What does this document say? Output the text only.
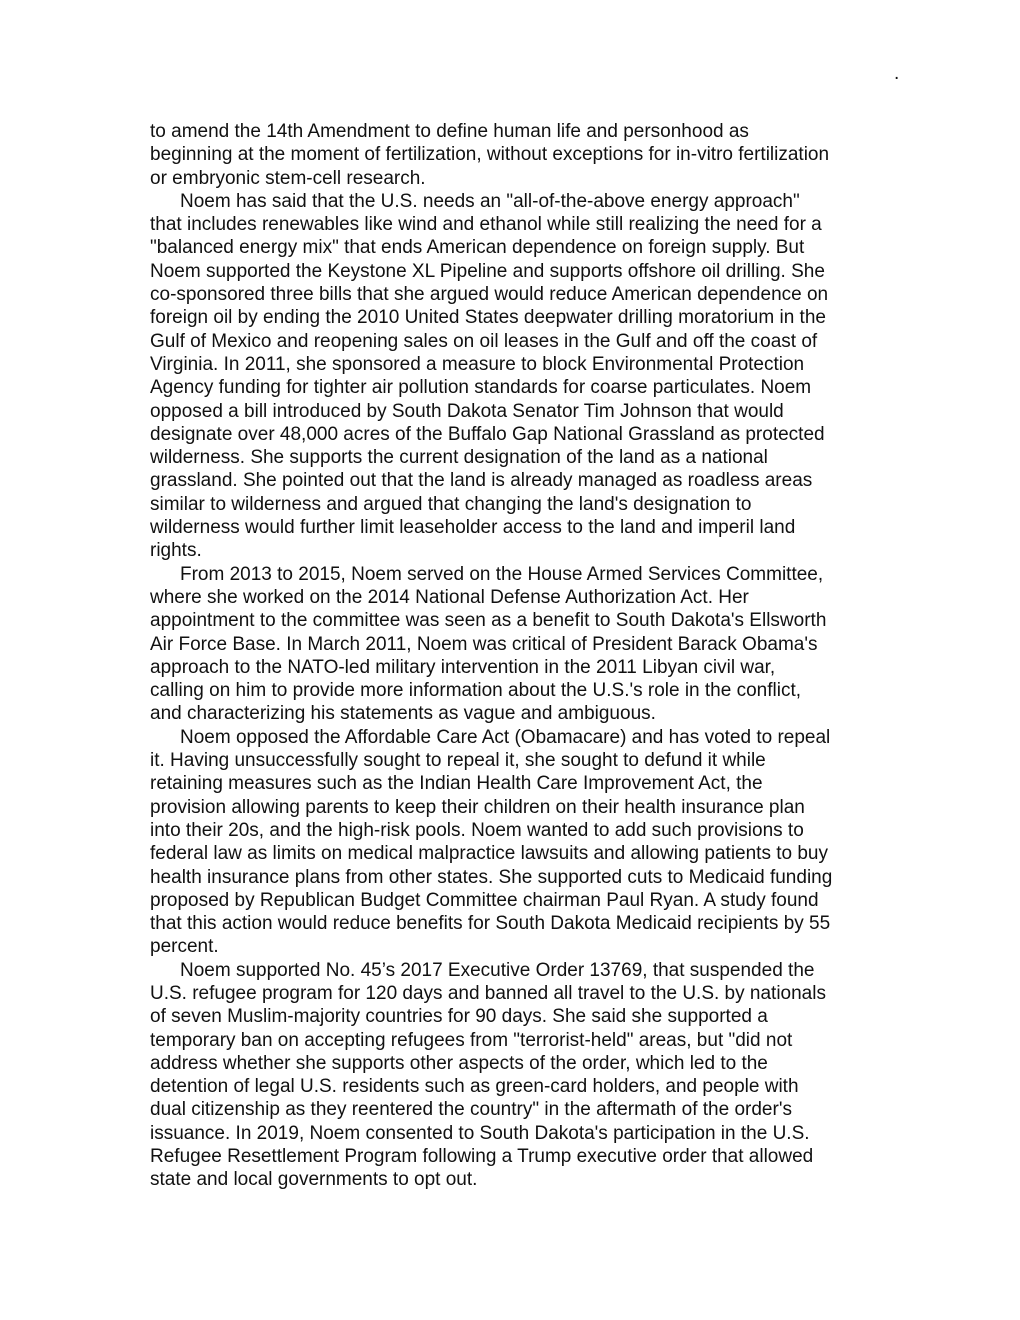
.

to amend the 14th Amendment to define human life and personhood as
beginning at the moment of fertilization, without exceptions for in-vitro fertilization
or embryonic stem-cell research.

Noem has said that the U.S. needs an "all-of-the-above energy approach"
that includes renewables like wind and ethanol while still realizing the need for a
"balanced energy mix" that ends American dependence on foreign supply. But
Noem supported the Keystone XL Pipeline and supports offshore oil drilling. She
co-sponsored three bills that she argued would reduce American dependence on
foreign oil by ending the 2010 United States deepwater drilling moratorium in the
Gulf of Mexico and reopening sales on oil leases in the Gulf and off the coast of
Virginia. In 2011, she sponsored a measure to block Environmental Protection
Agency funding for tighter air pollution standards for coarse particulates. Noem
opposed a bill introduced by South Dakota Senator Tim Johnson that would
designate over 48,000 acres of the Buffalo Gap National Grassland as protected
wilderness. She supports the current designation of the land as a national
grassland. She pointed out that the land is already managed as roadless areas
similar to wilderness and argued that changing the land's designation to
wilderness would further limit leaseholder access to the land and imperil land
rights.

From 2013 to 2015, Noem served on the House Armed Services Committee,
where she worked on the 2014 National Defense Authorization Act. Her
appointment to the committee was seen as a benefit to South Dakota's Ellsworth
Air Force Base. In March 2011, Noem was critical of President Barack Obama's
approach to the NATO-led military intervention in the 2011 Libyan civil war,
calling on him to provide more information about the U.S.'s role in the conflict,
and characterizing his statements as vague and ambiguous.

Noem opposed the Affordable Care Act (Obamacare) and has voted to repeal
it. Having unsuccessfully sought to repeal it, she sought to defund it while
retaining measures such as the Indian Health Care Improvement Act, the
provision allowing parents to keep their children on their health insurance plan
into their 20s, and the high-risk pools. Noem wanted to add such provisions to
federal law as limits on medical malpractice lawsuits and allowing patients to buy
health insurance plans from other states. She supported cuts to Medicaid funding
proposed by Republican Budget Committee chairman Paul Ryan. A study found
that this action would reduce benefits for South Dakota Medicaid recipients by 55
percent.

Noem supported No. 45’s 2017 Executive Order 13769, that suspended the
U.S. refugee program for 120 days and banned all travel to the U.S. by nationals
of seven Muslim-majority countries for 90 days. She said she supported a
temporary ban on accepting refugees from "terrorist-held" areas, but "did not
address whether she supports other aspects of the order, which led to the
detention of legal U.S. residents such as green-card holders, and people with
dual citizenship as they reentered the country" in the aftermath of the order's
issuance. In 2019, Noem consented to South Dakota's participation in the U.S.
Refugee Resettlement Program following a Trump executive order that allowed
state and local governments to opt out.
